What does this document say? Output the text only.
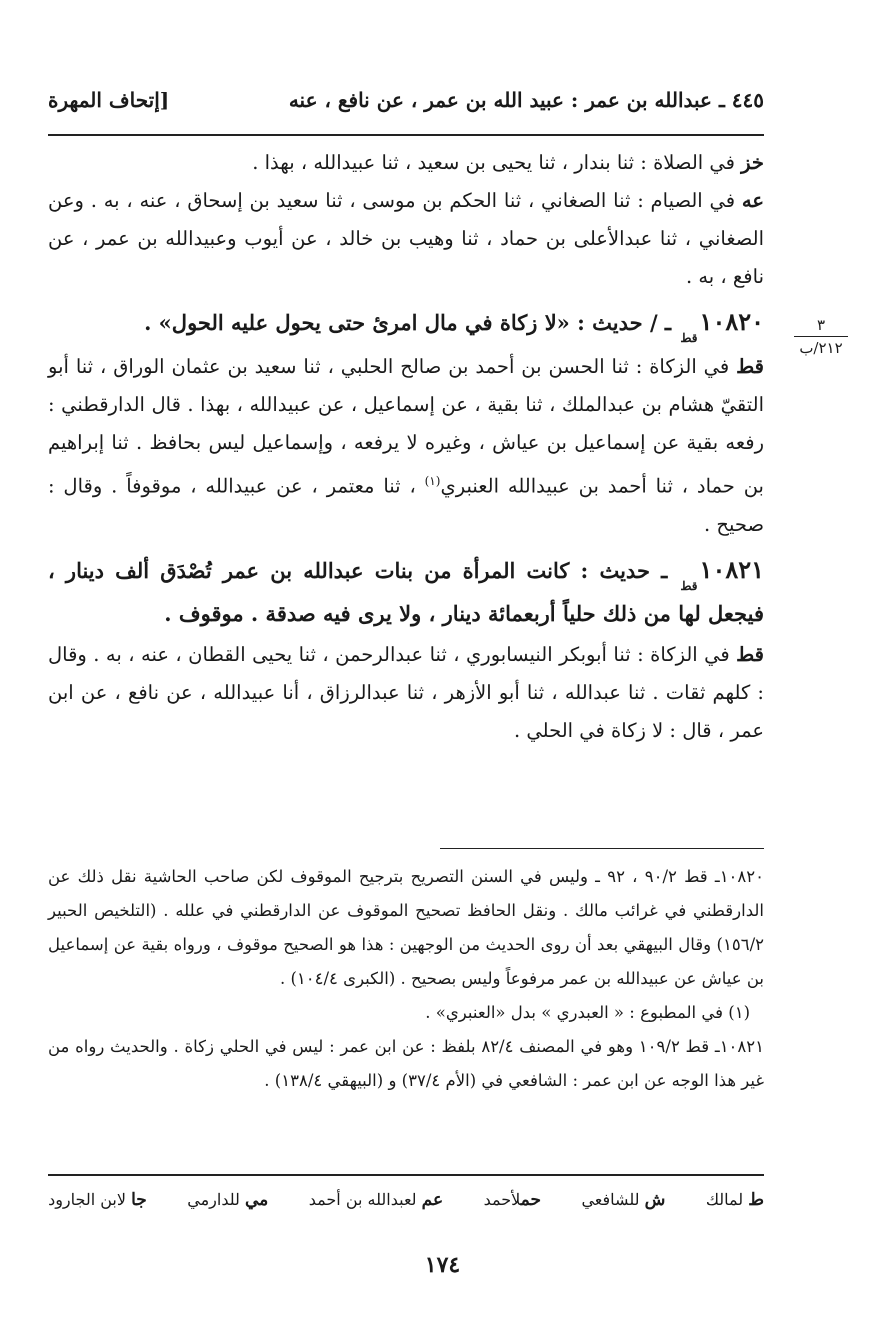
٤٤٥ ـ عبدالله بن عمر : عبيد الله بن عمر ، عن نافع ، عنه
[إتحاف المهرة
٣
٢١٢/ب

خز في الصلاة : ثنا بندار ، ثنا يحيى بن سعيد ، ثنا عبيدالله ، بهذا .

عه في الصيام : ثنا الصغاني ، ثنا الحكم بن موسى ، ثنا سعيد بن إسحاق ، عنه ، به . وعن الصغاني ، ثنا عبدالأعلى بن حماد ، ثنا وهيب بن خالد ، عن أيوب وعبيدالله بن عمر ، عن نافع ، به .

$١٠٨٢٠_{قط}$ ـ / حديث : «لا زكاة في مال امرئ حتى يحول عليه الحول» .

قط في الزكاة : ثنا الحسن بن أحمد بن صالح الحلبي ، ثنا سعيد بن عثمان الوراق ، ثنا أبو التقيّ هشام بن عبدالملك ، ثنا بقية ، عن إسماعيل ، عن عبيدالله ، بهذا . قال الدارقطني : رفعه بقية عن إسماعيل بن عياش ، وغيره لا يرفعه ، وإسماعيل ليس بحافظ . ثنا إبراهيم بن حماد ، ثنا أحمد بن عبيدالله العنبري$^{(١)}$ ، ثنا معتمر ، عن عبيدالله ، موقوفاً . وقال : صحيح .

$١٠٨٢١_{قط}$ ـ حديث : كانت المرأة من بنات عبدالله بن عمر تُصْدَق ألف دينار ، فيجعل لها من ذلك حلياً أربعمائة دينار ، ولا يرى فيه صدقة . موقوف .

قط في الزكاة : ثنا أبوبكر النيسابوري ، ثنا عبدالرحمن ، ثنا يحيى القطان ، عنه ، به . وقال : كلهم ثقات . ثنا عبدالله ، ثنا أبو الأزهر ، ثنا عبدالرزاق ، أنا عبيدالله ، عن نافع ، عن ابن عمر ، قال : لا زكاة في الحلي .

١٠٨٢٠ـ قط ٩٠/٢ ، ٩٢ ـ وليس في السنن التصريح بترجيح الموقوف لكن صاحب الحاشية نقل ذلك عن الدارقطني في غرائب مالك . ونقل الحافظ تصحيح الموقوف عن الدارقطني في علله . (التلخيص الحبير ١٥٦/٢) وقال البيهقي بعد أن روى الحديث من الوجهين : هذا هو الصحيح موقوف ، ورواه بقية عن إسماعيل بن عياش عن عبيدالله بن عمر مرفوعاً وليس بصحيح . (الكبرى ١٠٤/٤) .

(١) في المطبوع : « العبدري » بدل «العنبري» .

١٠٨٢١ـ قط ١٠٩/٢ وهو في المصنف ٨٢/٤ بلفظ : عن ابن عمر : ليس في الحلي زكاة . والحديث رواه من غير هذا الوجه عن ابن عمر : الشافعي في (الأم ٣٧/٤) و (البيهقي ١٣٨/٤) .

ط لمالك
ش للشافعي
حملأحمد
عم لعبدالله بن أحمد
مي للدارمي
جا لابن الجارود
١٧٤
